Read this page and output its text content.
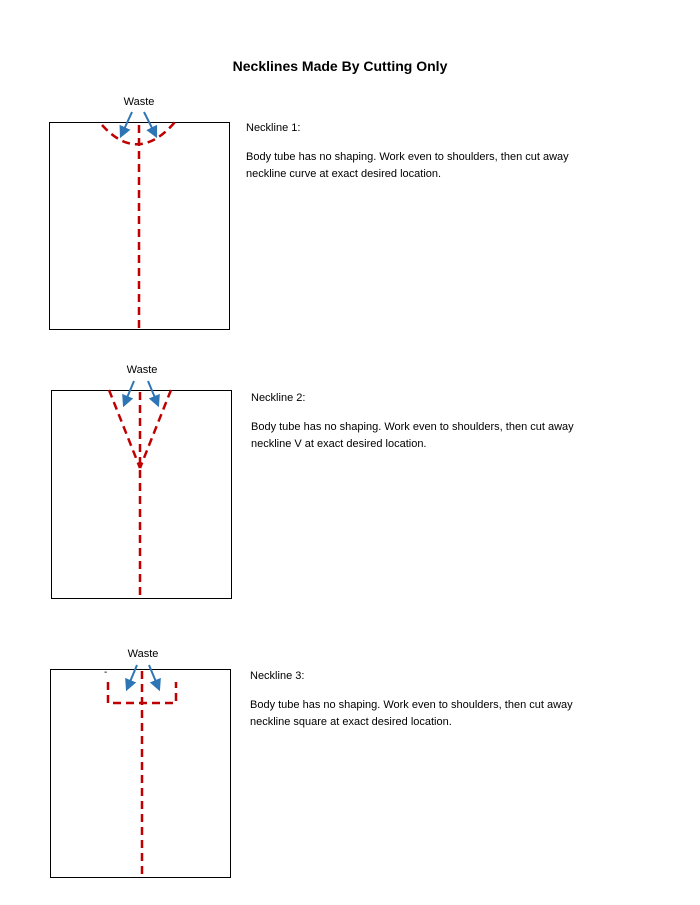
Necklines Made By Cutting Only
Waste
Neckline 1:
Body tube has no shaping. Work even to shoulders, then cut away neckline curve at exact desired location.
Waste
Neckline 2:
Body tube has no shaping. Work even to shoulders, then cut away neckline V at exact desired location.
Waste
-	Neckline 3:
Body tube has no shaping. Work even to shoulders, then cut away neckline square at exact desired location.
